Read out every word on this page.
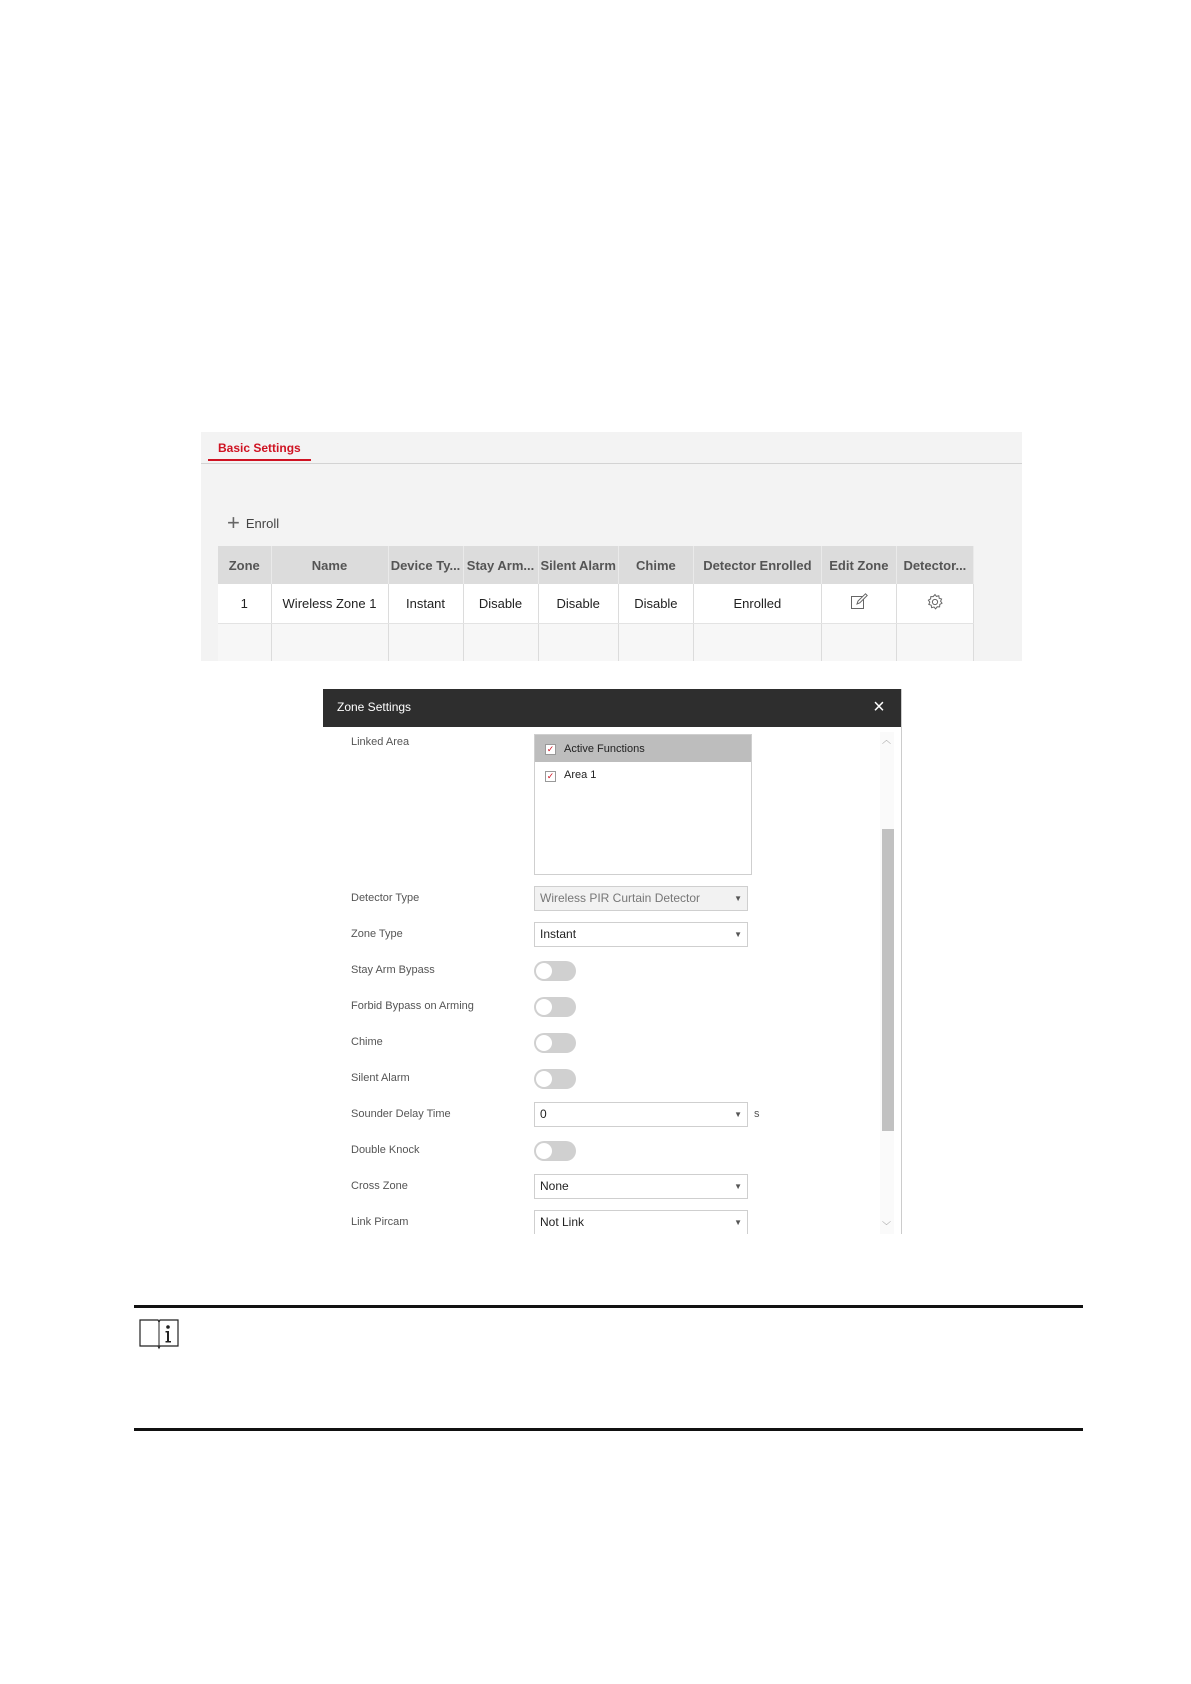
Basic Settings
+ Enroll
Zone	Name	Device Ty...	Stay Arm...	Silent Alarm	Chime	Detector Enrolled	Edit Zone	Detector...
1	Wireless Zone 1	Instant	Disable	Disable	Disable	Enrolled		

Zone Settings	×
Linked Area
✓ Active Functions
✓ Area 1
Detector Type	Wireless PIR Curtain Detector	▼
Zone Type	Instant	▼
Stay Arm Bypass
Forbid Bypass on Arming
Chime
Silent Alarm
Sounder Delay Time	0	▼ s
Double Knock
Cross Zone	None	▼
Link Pircam	Not Link	▼
︿
﹀
